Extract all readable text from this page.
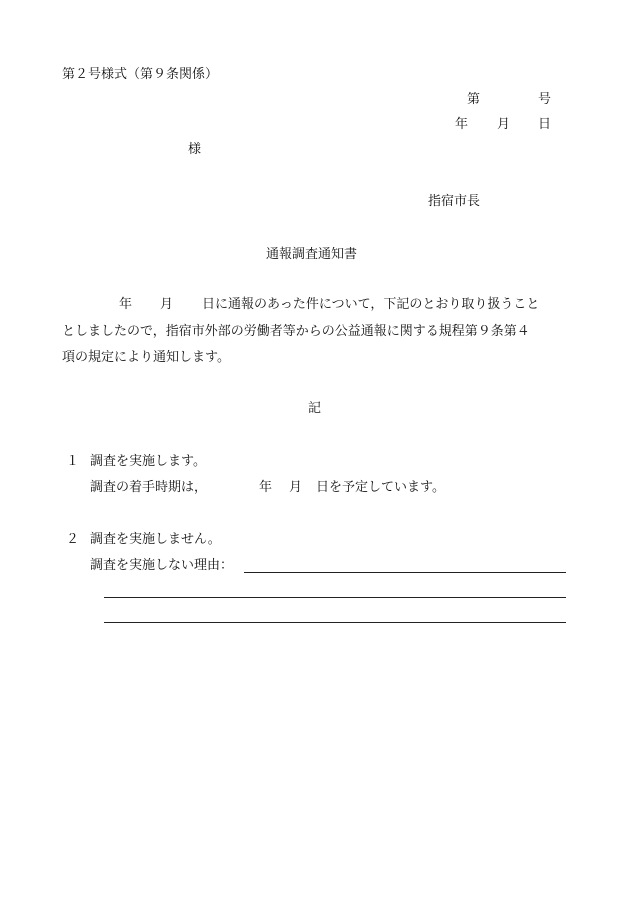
第２号様式（第９条関係）
第	号
年 月 日
様
指宿市長
通報調査通知書
年 月 日に通報のあった件について，下記のとおり取り扱うこと
としましたので，指宿市外部の労働者等からの公益通報に関する規程第９条第４
項の規定により通知します。
記
１ 調査を実施します。
調査の着手時期は，	年 月 日を予定しています。
２ 調査を実施しません。
調査を実施しない理由：
